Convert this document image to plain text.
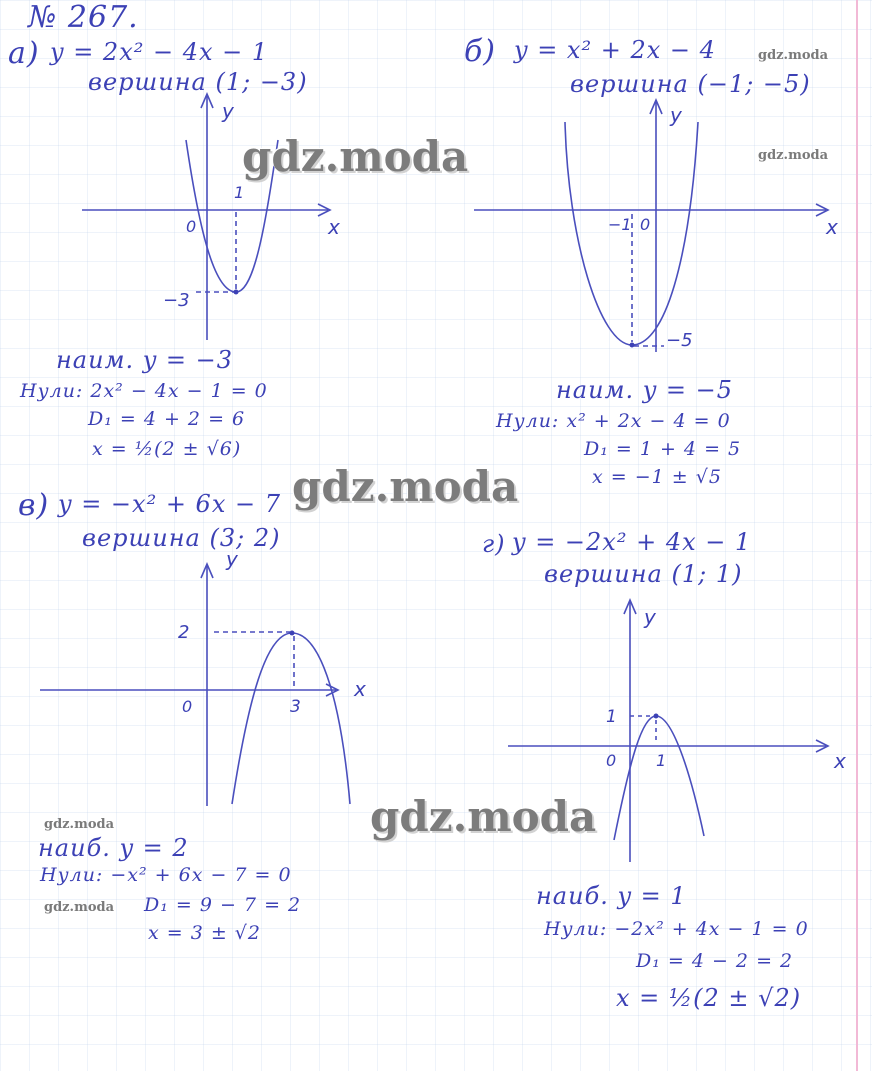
№ 267.
а) y = 2x² − 4x − 1
вершина (1; −3)
x
y
0
1
−3
наим. y = −3
Нули: 2x² − 4x − 1 = 0
D₁ = 4 + 2 = 6
x = ½(2 ± √6)
б) y = x² + 2x − 4
вершина (−1; −5)
x
y
0
−1
−5
наим. y = −5
Нули: x² + 2x − 4 = 0
D₁ = 1 + 4 = 5
x = −1 ± √5
в) y = −x² + 6x − 7
вершина (3; 2)
x
y
0	3
2
наиб. y = 2
Нули: −x² + 6x − 7 = 0
D₁ = 9 − 7 = 2
x = 3 ± √2
г) y = −2x² + 4x − 1
вершина (1; 1)
x
y
0 1
1
наиб. y = 1
Нули: −2x² + 4x − 1 = 0
D₁ = 4 − 2 = 2
x = ½(2 ± √2)
gdz.moda
gdz.moda
gdz.moda
gdz.moda
gdz.moda
gdz.moda
gdz.moda
